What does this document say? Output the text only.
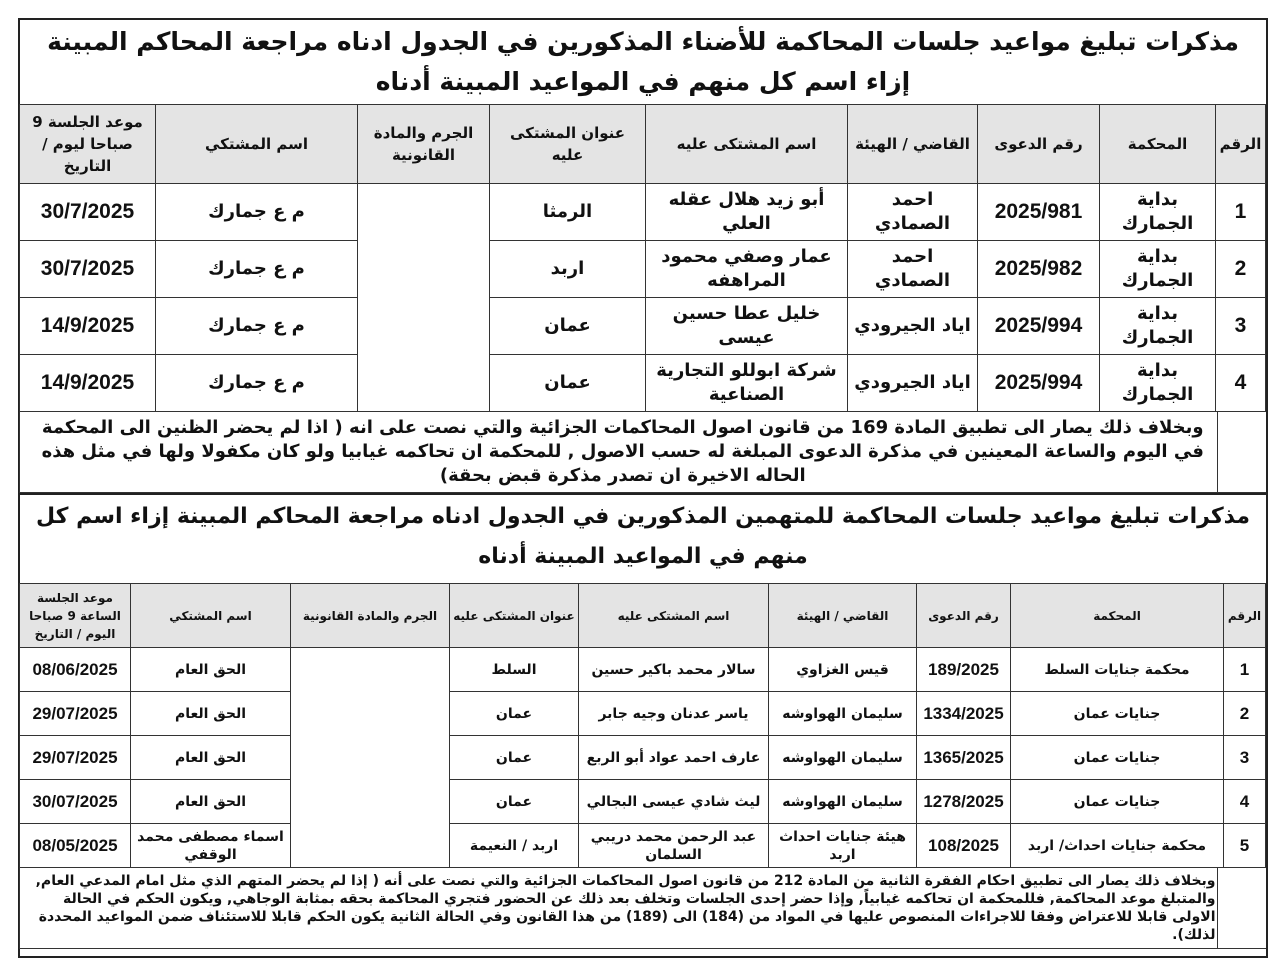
مذكرات تبليغ مواعيد جلسات المحاكمة للأضناء المذكورين في الجدول ادناه مراجعة المحاكم المبينة إزاء اسم كل منهم في المواعيد المبينة أدناه
الرقم	المحكمة	رقم الدعوى	القاضي / الهيئة	اسم المشتكى عليه	عنوان المشتكى عليه	الجرم والمادة القانونية	اسم المشتكي	موعد الجلسة 9 صباحا ليوم / التاريخ
1	بداية الجمارك	2025/981	احمد الصمادي	أبو زيد هلال عقله العلي	الرمثا		م ع جمارك	30/7/2025
2	بداية الجمارك	2025/982	احمد الصمادي	عمار وصفي محمود المراهفه	اربد		م ع جمارك	30/7/2025
3	بداية الجمارك	2025/994	اياد الجيرودي	خليل عطا حسين عيسى	عمان		م ع جمارك	14/9/2025
4	بداية الجمارك	2025/994	اياد الجيرودي	شركة ابوللو التجارية الصناعية	عمان		م ع جمارك	14/9/2025
وبخلاف ذلك يصار الى تطبيق المادة 169 من قانون اصول المحاكمات الجزائية والتي نصت على انه ( اذا لم يحضر الظنين الى المحكمة في اليوم والساعة المعينين في مذكرة الدعوى المبلغة له حسب الاصول , للمحكمة ان تحاكمه غيابيا ولو كان مكفولا ولها في مثل هذه الحاله الاخيرة ان تصدر مذكرة قبض بحقة)								
مذكرات تبليغ مواعيد جلسات المحاكمة للمتهمين المذكورين في الجدول ادناه مراجعة المحاكم المبينة إزاء اسم كل منهم في المواعيد المبينة أدناه
الرقم	المحكمة	رقم الدعوى	القاضي / الهيئة	اسم المشتكى عليه	عنوان المشتكى عليه	الجرم والمادة القانونية	اسم المشتكي	موعد الجلسة الساعة 9 صباحا اليوم / التاريخ
1	محكمة جنايات السلط	189/2025	قيس الغزاوي	سالار محمد باكير حسين	السلط		الحق العام	08/06/2025
2	جنايات عمان	1334/2025	سليمان الهواوشه	ياسر عدنان وجيه جابر	عمان		الحق العام	29/07/2025
3	جنايات عمان	1365/2025	سليمان الهواوشه	عارف احمد عواد أبو الربع	عمان		الحق العام	29/07/2025
4	جنايات عمان	1278/2025	سليمان الهواوشه	ليث شادي عيسى البجالي	عمان		الحق العام	30/07/2025
5	محكمة جنايات احداث/ اربد	108/2025	هيئة جنايات احداث اربد	عبد الرحمن محمد دريبي السلمان	اربد / النعيمة		اسماء مصطفى محمد الوقفي	08/05/2025
وبخلاف ذلك يصار الى تطبيق احكام الفقرة الثانية من المادة 212 من قانون اصول المحاكمات الجزائية والتي نصت على أنه ( إذا لم يحضر المتهم الذي مثل امام المدعي العام, والمتبلغ موعد المحاكمة, فللمحكمة ان تحاكمه غيابياً, وإذا حضر إحدى الجلسات وتخلف بعد ذلك عن الحضور فتجري المحاكمة بحقه بمثابة الوجاهي, ويكون الحكم في الحالة الاولى قابلا للاعتراض وفقا للاجراءات المنصوص عليها في المواد من (184) الى (189) من هذا القانون وفي الحالة الثانية يكون الحكم قابلا للاستئناف ضمن المواعيد المحددة لذلك).								
